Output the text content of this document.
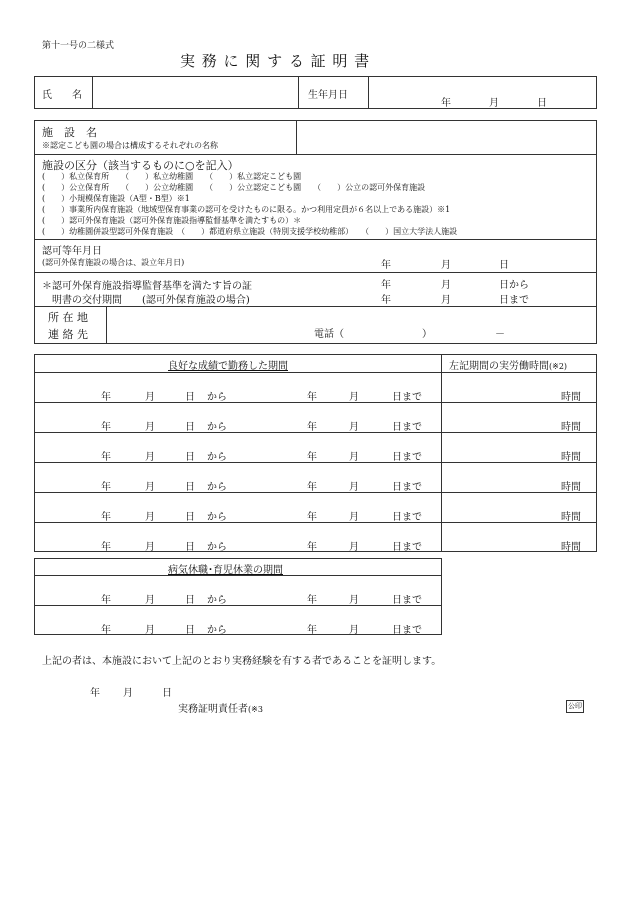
第十一号の二様式
実 務 に 関 す る 証 明 書
氏　　名	生年月日
年	月	日
施　設　名
※認定こども園の場合は構成するそれぞれの名称
施設の区分（該当するものに○を記入）
(　　）私立保育所　　（　　）私立幼稚園　　（　　）私立認定こども園
(　　）公立保育所　　（　　）公立幼稚園　　（　　）公立認定こども園　　（　　）公立の認可外保育施設
(　　）小規模保育施設（A型・B型）※1
(　　）事業所内保育施設（地域型保育事業の認可を受けたものに限る。かつ利用定員が６名以上である施設）※1
(　　）認可外保育施設（認可外保育施設指導監督基準を満たすもの）＊
(　　）幼稚園併設型認可外保育施設　（　　）都道府県立施設（特別支援学校幼稚部）　　（　　）国立大学法人施設
認可等年月日
(認可外保育施設の場合は、設立年月日)	年	月	日
＊認可外保育施設指導監督基準を満たす旨の証
明書の交付期間　　(認可外保育施設の場合)
年	月	日から
年	月	日まで
所 在 地
連 絡 先	電話（	）	－
良好な成績で勤務した期間	左記期間の実労働時間(※2)
年	月	日 から	年	月	日まで	時間
年	月	日 から	年	月	日まで	時間
年	月	日 から	年	月	日まで	時間
年	月	日 から	年	月	日まで	時間
年	月	日 から	年	月	日まで	時間
年	月	日 から	年	月	日まで	時間
病気休職･育児休業の期間
年	月	日 から	年	月	日まで
年	月	日 から	年	月	日まで
上記の者は、本施設において上記のとおり実務経験を有する者であることを証明します。
年 月	日
実務証明責任者(※3	公印
